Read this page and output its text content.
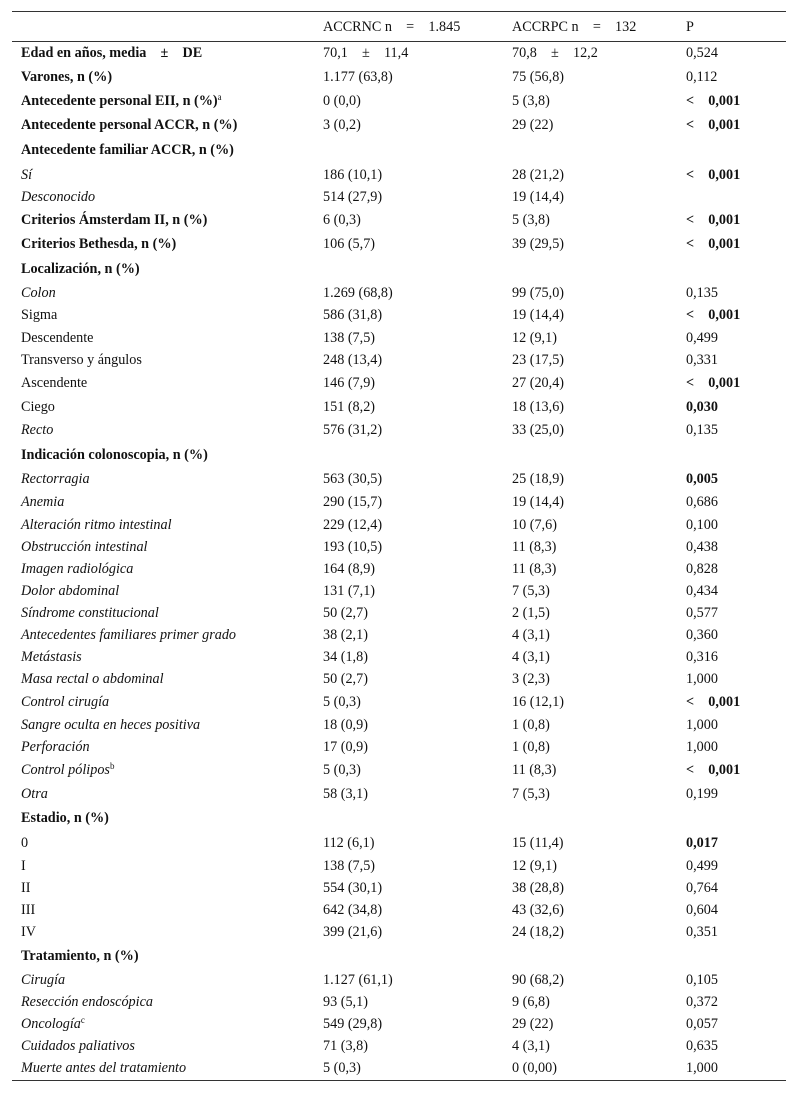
	ACCRNC n = 1.845	ACCRPC n = 132	P
Edad en años, media ± DE	70,1 ± 11,4	70,8 ± 12,2	0,524
Varones, n (%)	1.177 (63,8)	75 (56,8)	0,112
Antecedente personal EII, n (%)$^a$	0 (0,0)	5 (3,8)	< 0,001
Antecedente personal ACCR, n (%)	3 (0,2)	29 (22)	< 0,001
Antecedente familiar ACCR, n (%)			
Sí	186 (10,1)	28 (21,2)	< 0,001
Desconocido	514 (27,9)	19 (14,4)	
Criterios Ámsterdam II, n (%)	6 (0,3)	5 (3,8)	< 0,001
Criterios Bethesda, n (%)	106 (5,7)	39 (29,5)	< 0,001
Localización, n (%)			
Colon	1.269 (68,8)	99 (75,0)	0,135
Sigma	586 (31,8)	19 (14,4)	< 0,001
Descendente	138 (7,5)	12 (9,1)	0,499
Transverso y ángulos	248 (13,4)	23 (17,5)	0,331
Ascendente	146 (7,9)	27 (20,4)	< 0,001
Ciego	151 (8,2)	18 (13,6)	0,030
Recto	576 (31,2)	33 (25,0)	0,135
Indicación colonoscopia, n (%)			
Rectorragia	563 (30,5)	25 (18,9)	0,005
Anemia	290 (15,7)	19 (14,4)	0,686
Alteración ritmo intestinal	229 (12,4)	10 (7,6)	0,100
Obstrucción intestinal	193 (10,5)	11 (8,3)	0,438
Imagen radiológica	164 (8,9)	11 (8,3)	0,828
Dolor abdominal	131 (7,1)	7 (5,3)	0,434
Síndrome constitucional	50 (2,7)	2 (1,5)	0,577
Antecedentes familiares primer grado	38 (2,1)	4 (3,1)	0,360
Metástasis	34 (1,8)	4 (3,1)	0,316
Masa rectal o abdominal	50 (2,7)	3 (2,3)	1,000
Control cirugía	5 (0,3)	16 (12,1)	< 0,001
Sangre oculta en heces positiva	18 (0,9)	1 (0,8)	1,000
Perforación	17 (0,9)	1 (0,8)	1,000
Control pólipos$^b$	5 (0,3)	11 (8,3)	< 0,001
Otra	58 (3,1)	7 (5,3)	0,199
Estadio, n (%)			
0	112 (6,1)	15 (11,4)	0,017
I	138 (7,5)	12 (9,1)	0,499
II	554 (30,1)	38 (28,8)	0,764
III	642 (34,8)	43 (32,6)	0,604
IV	399 (21,6)	24 (18,2)	0,351
Tratamiento, n (%)			
Cirugía	1.127 (61,1)	90 (68,2)	0,105
Resección endoscópica	93 (5,1)	9 (6,8)	0,372
Oncología$^c$	549 (29,8)	29 (22)	0,057
Cuidados paliativos	71 (3,8)	4 (3,1)	0,635
Muerte antes del tratamiento	5 (0,3)	0 (0,00)	1,000
